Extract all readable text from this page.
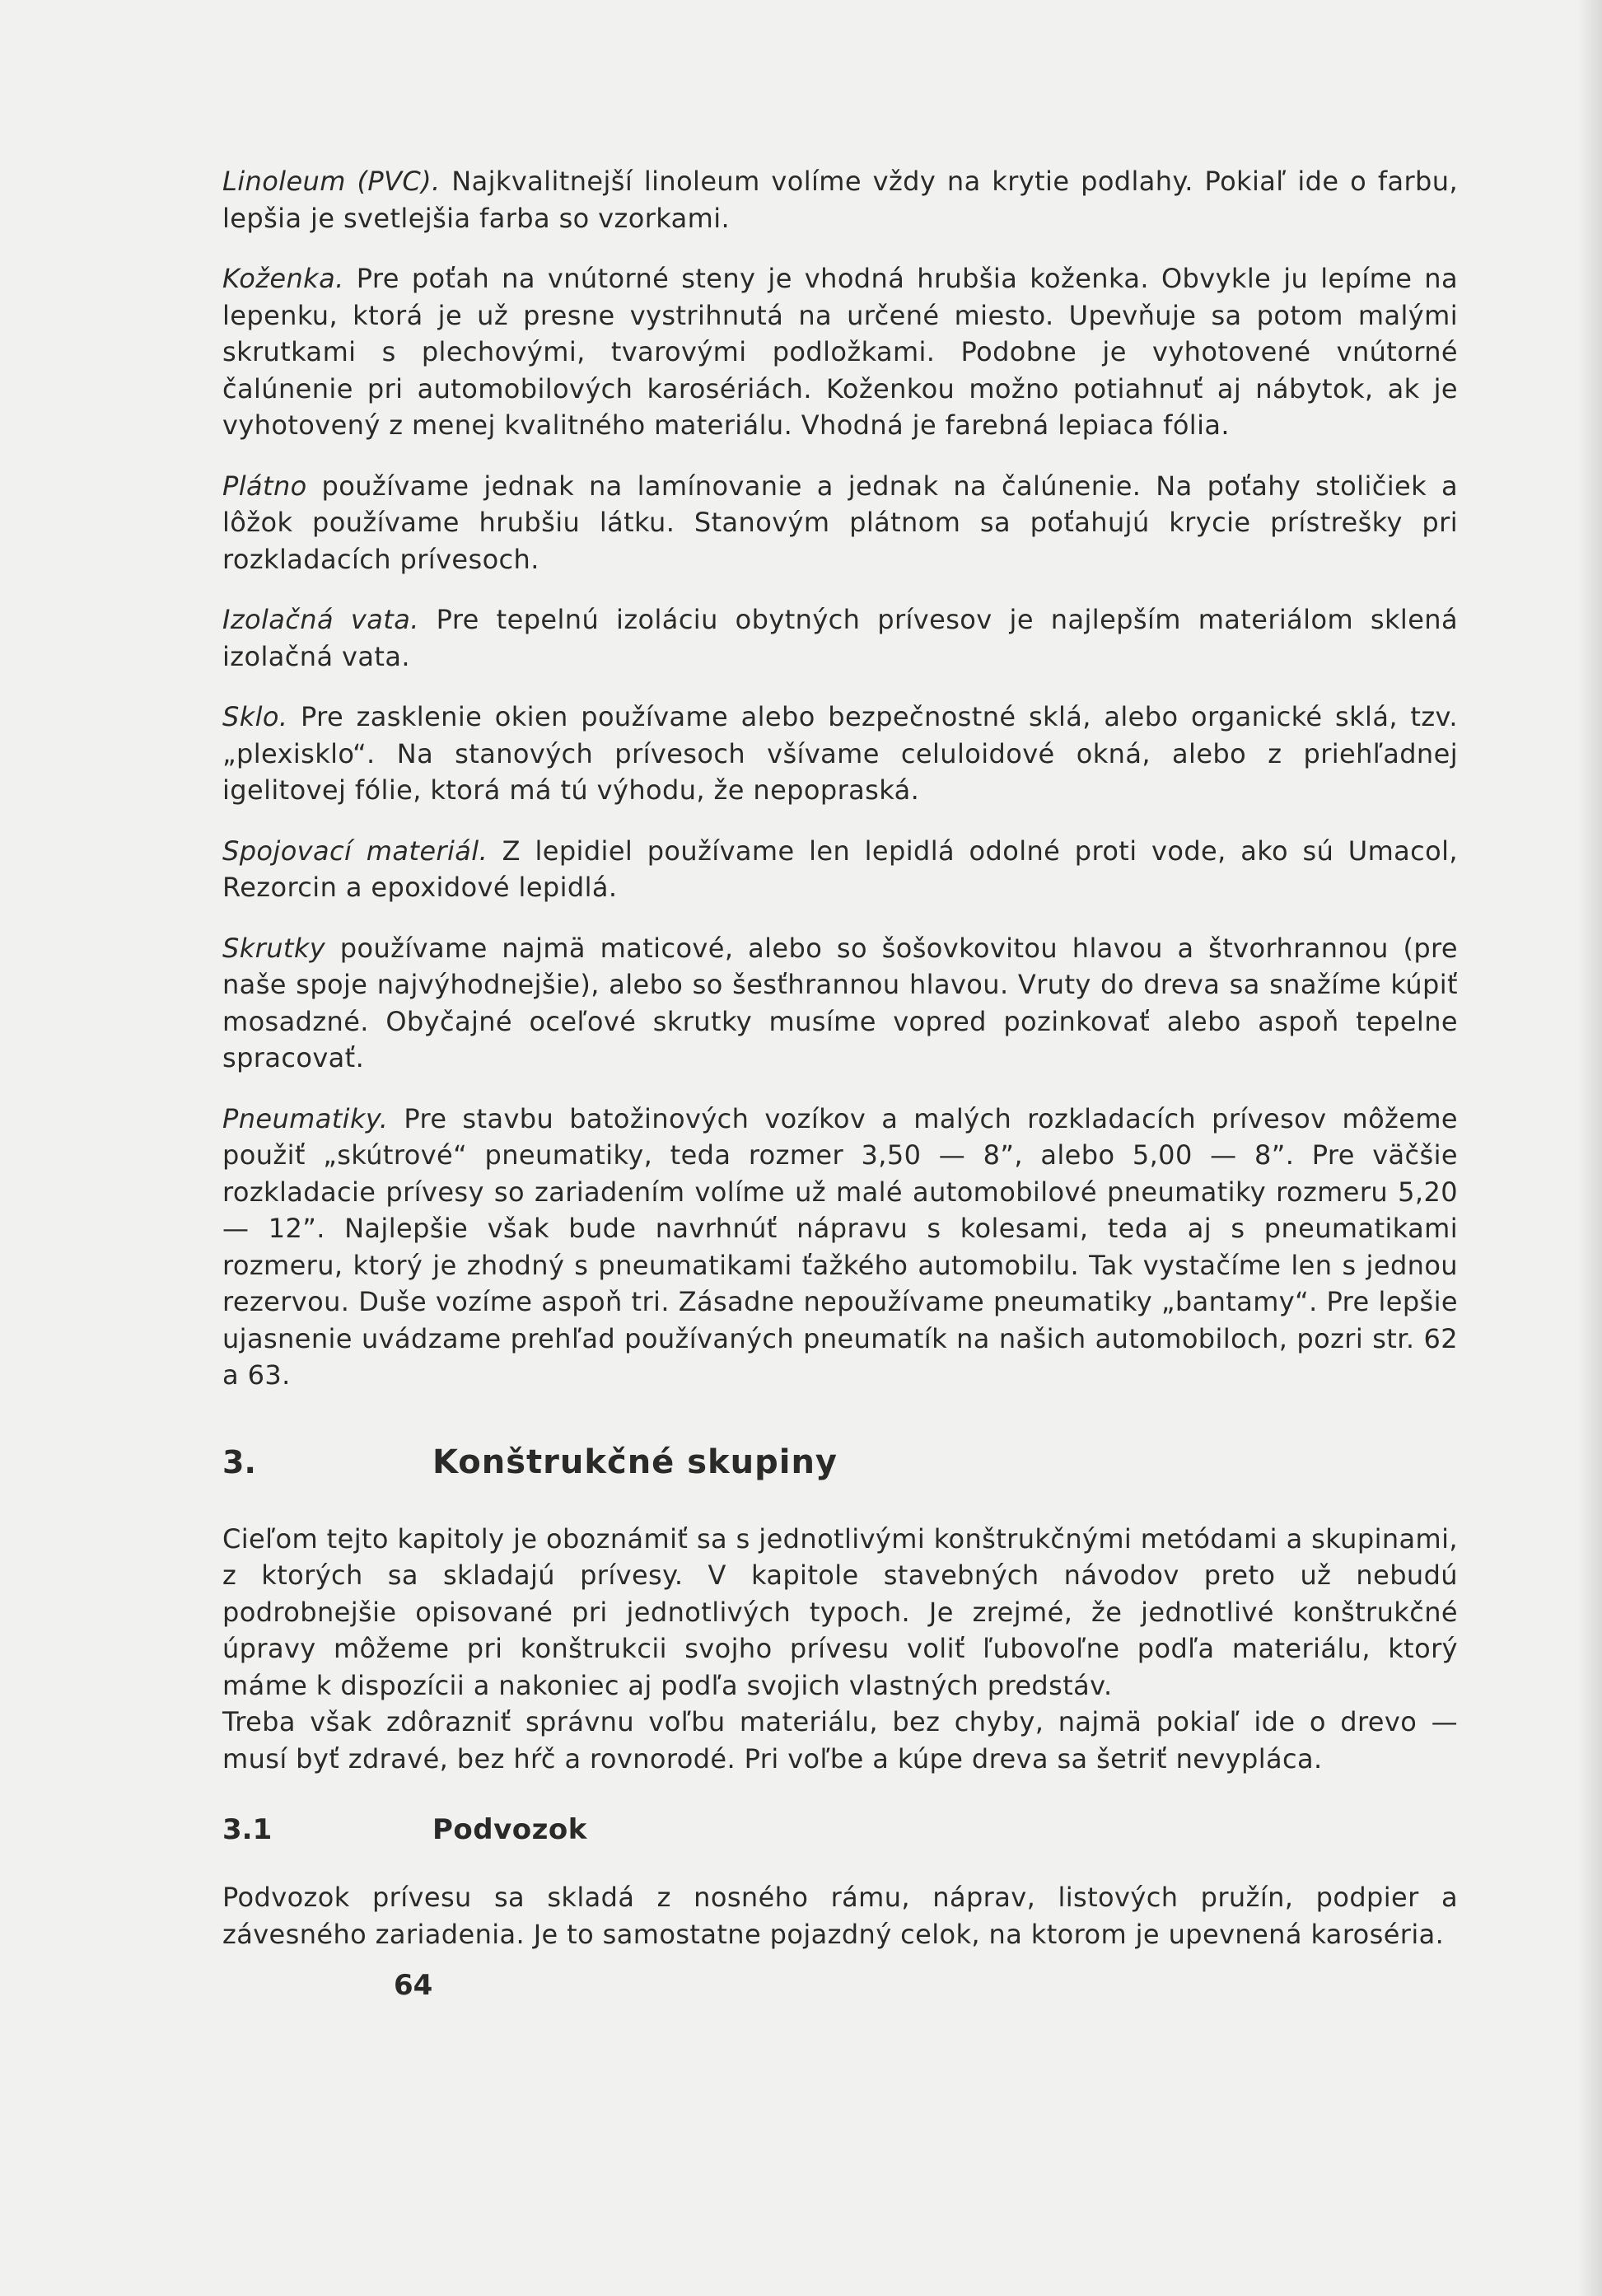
Linoleum (PVC). Najkvalitnejší linoleum volíme vždy na krytie podlahy. Pokiaľ ide o farbu, lepšia je svetlejšia farba so vzorkami.

Koženka. Pre poťah na vnútorné steny je vhodná hrubšia koženka. Obvykle ju lepíme na lepenku, ktorá je už presne vystrihnutá na určené miesto. Upevňuje sa potom malými skrutkami s plechovými, tvarovými podložkami. Podobne je vyhotovené vnútorné čalúnenie pri automobilových karosériách. Koženkou možno potiahnuť aj nábytok, ak je vyhotovený z menej kvalitného materiálu. Vhodná je farebná lepiaca fólia.

Plátno používame jednak na lamínovanie a jednak na čalúnenie. Na poťahy stoličiek a lôžok používame hrubšiu látku. Stanovým plátnom sa poťahujú krycie prístrešky pri rozkladacích prívesoch.

Izolačná vata. Pre tepelnú izoláciu obytných prívesov je najlepším materiálom sklená izolačná vata.

Sklo. Pre zasklenie okien používame alebo bezpečnostné sklá, alebo organické sklá, tzv. „plexisklo“. Na stanových prívesoch všívame celuloidové okná, alebo z priehľadnej igelitovej fólie, ktorá má tú výhodu, že nepopraská.

Spojovací materiál. Z lepidiel používame len lepidlá odolné proti vode, ako sú Umacol, Rezorcin a epoxidové lepidlá.

Skrutky používame najmä maticové, alebo so šošovkovitou hlavou a štvorhrannou (pre naše spoje najvýhodnejšie), alebo so šesťhrannou hlavou. Vruty do dreva sa snažíme kúpiť mosadzné. Obyčajné oceľové skrutky musíme vopred pozinkovať alebo aspoň tepelne spracovať.

Pneumatiky. Pre stavbu batožinových vozíkov a malých rozkladacích prívesov môžeme použiť „skútrové“ pneumatiky, teda rozmer 3,50 — 8”, alebo 5,00 — 8”. Pre väčšie rozkladacie prívesy so zariadením volíme už malé automobilové pneumatiky rozmeru 5,20 — 12”. Najlepšie však bude navrhnúť nápravu s kolesami, teda aj s pneumatikami rozmeru, ktorý je zhodný s pneumatikami ťažkého automobilu. Tak vystačíme len s jednou rezervou. Duše vozíme aspoň tri. Zásadne nepoužívame pneumatiky „bantamy“. Pre lepšie ujasnenie uvádzame prehľad používaných pneumatík na našich automobiloch, pozri str. 62 a 63.

3.	Konštrukčné skupiny

Cieľom tejto kapitoly je oboznámiť sa s jednotlivými konštrukčnými metódami a skupinami, z ktorých sa skladajú prívesy. V kapitole stavebných návodov preto už nebudú podrobnejšie opisované pri jednotlivých typoch. Je zrejmé, že jednotlivé konštrukčné úpravy môžeme pri konštrukcii svojho prívesu voliť ľubovoľne podľa materiálu, ktorý máme k dispozícii a nakoniec aj podľa svojich vlastných predstáv.

Treba však zdôrazniť správnu voľbu materiálu, bez chyby, najmä pokiaľ ide o drevo — musí byť zdravé, bez hŕč a rovnorodé. Pri voľbe a kúpe dreva sa šetriť nevypláca.

3.1	Podvozok

Podvozok prívesu sa skladá z nosného rámu, náprav, listových pružín, podpier a závesného zariadenia. Je to samostatne pojazdný celok, na ktorom je upevnená karoséria.

64
